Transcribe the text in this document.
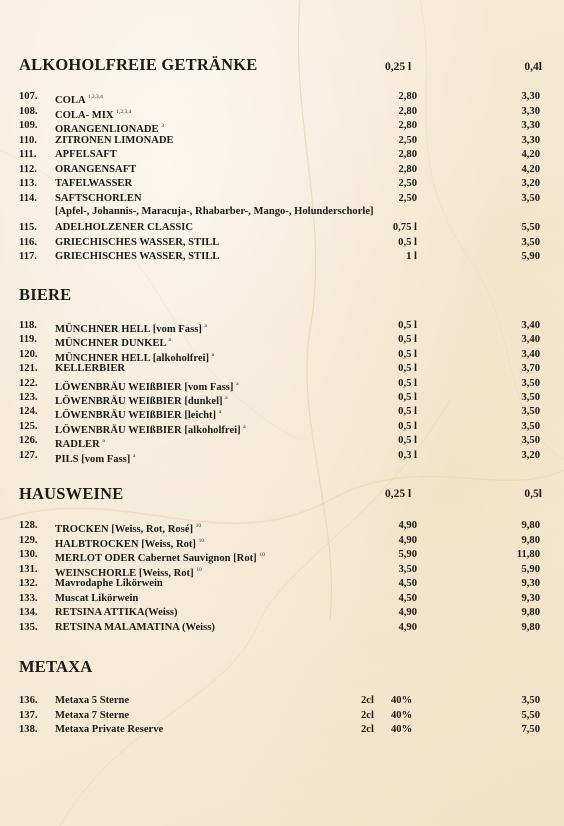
ALKOHOLFREIE GETRÄNKE	0,25 l	0,4l
107. COLA $^{1,2,3,4}$	2,80	3,30
108. COLA- MIX $^{1,2,3,4}$	2,80	3,30
109. ORANGENLIONADE $^3$	2,80	3,30
110. ZITRONEN LIMONADE	2,50	3,30
111. APFELSAFT	2,80	4,20
112. ORANGENSAFT	2,80	4,20
113. TAFELWASSER	2,50	3,20
114. SAFTSCHORLEN	2,50	3,50
[Apfel-, Johannis-, Maracuja-, Rhabarber-, Mango-, Holunderschorle]
115. ADELHOLZENER CLASSIC	0,75 l	5,50
116. GRIECHISCHES WASSER, STILL	0,5 l	3,50
117. GRIECHISCHES WASSER, STILL	1 l	5,90
BIERE
118. MÜNCHNER HELL [vom Fass] $^a$	0,5 l	3,40
119. MÜNCHNER DUNKEL $^a$	0,5 l	3,40
120. MÜNCHNER HELL [alkoholfrei] $^a$	0,5 l	3,40
121. KELLERBIER	0,5 l	3,70
122. LÖWENBRÄU WEIßBIER [vom Fass] $^a$	0,5 l	3,50
123. LÖWENBRÄU WEIßBIER [dunkel] $^a$	0,5 l	3,50
124. LÖWENBRÄU WEIßBIER [leicht] $^a$	0,5 l	3,50
125. LÖWENBRÄU WEIßBIER [alkoholfrei] $^a$	0,5 l	3,50
126. RADLER $^a$	0,5 l	3,50
127. PILS [vom Fass] $^a$	0,3 l	3,20
HAUSWEINE	0,25 l	0,5l
128. TROCKEN [Weiss, Rot, Rosé] $^{10}$	4,90	9,80
129. HALBTROCKEN [Weiss, Rot] $^{10}$	4,90	9,80
130. MERLOT ODER Cabernet Sauvignon [Rot] $^{10}$	5,90	11,80
131. WEINSCHORLE [Weiss, Rot] $^{10}$	3,50	5,90
132. Mavrodaphe Likörwein	4,50	9,30
133. Muscat Likörwein	4,50	9,30
134. RETSINA ATTIKA(Weiss)	4,90	9,80
135. RETSINA MALAMATINA (Weiss)	4,90	9,80
METAXA
136. Metaxa 5 Sterne	2cl 40%	3,50
137. Metaxa 7 Sterne	2cl 40%	5,50
138. Metaxa Private Reserve	2cl 40%	7,50
